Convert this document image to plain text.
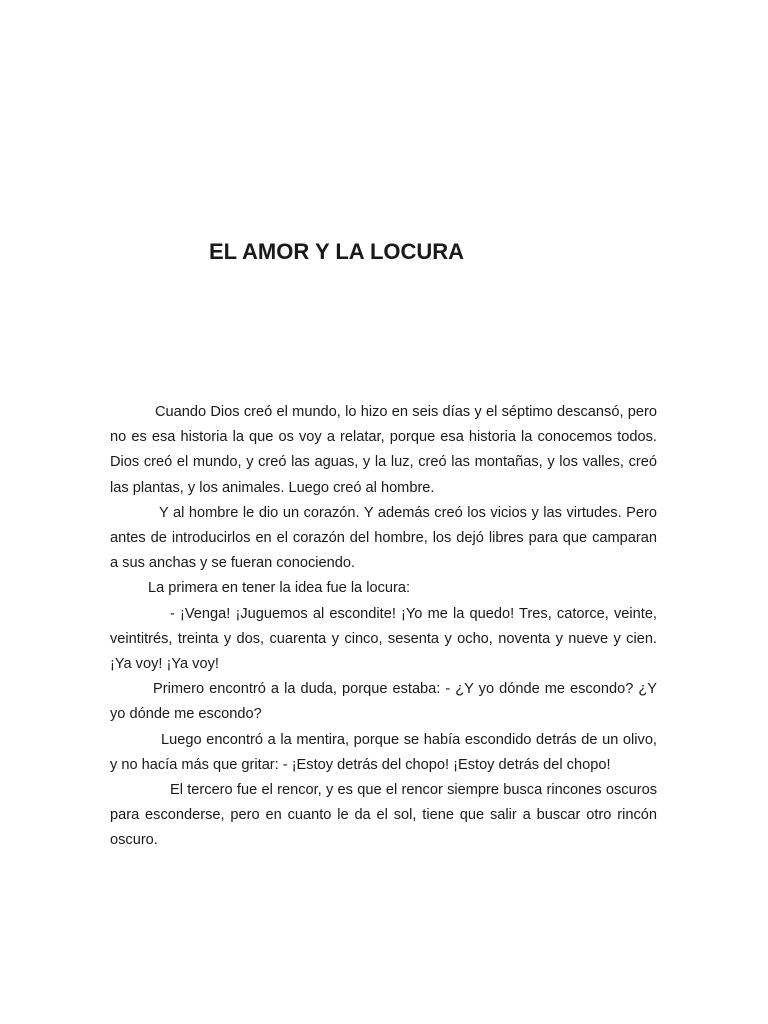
EL AMOR Y LA LOCURA

Cuando Dios creó el mundo, lo hizo en seis días y el séptimo descansó, pero no es esa historia la que os voy a relatar, porque esa historia la conocemos todos. Dios creó el mundo, y creó las aguas, y la luz, creó las montañas, y los valles, creó las plantas, y los animales. Luego creó al hombre.

Y al hombre le dio un corazón. Y además creó los vicios y las virtudes. Pero antes de introducirlos en el corazón del hombre, los dejó libres para que camparan a sus anchas y se fueran conociendo.

La primera en tener la idea fue la locura:

- ¡Venga! ¡Juguemos al escondite! ¡Yo me la quedo! Tres, catorce, veinte, veintitrés, treinta y dos, cuarenta y cinco, sesenta y ocho, noventa y nueve y cien. ¡Ya voy! ¡Ya voy!

Primero encontró a la duda, porque estaba: - ¿Y yo dónde me escondo? ¿Y yo dónde me escondo?

Luego encontró a la mentira, porque se había escondido detrás de un olivo, y no hacía más que gritar: - ¡Estoy detrás del chopo! ¡Estoy detrás del chopo!

El tercero fue el rencor, y es que el rencor siempre busca rincones oscuros para esconderse, pero en cuanto le da el sol, tiene que salir a buscar otro rincón oscuro.
